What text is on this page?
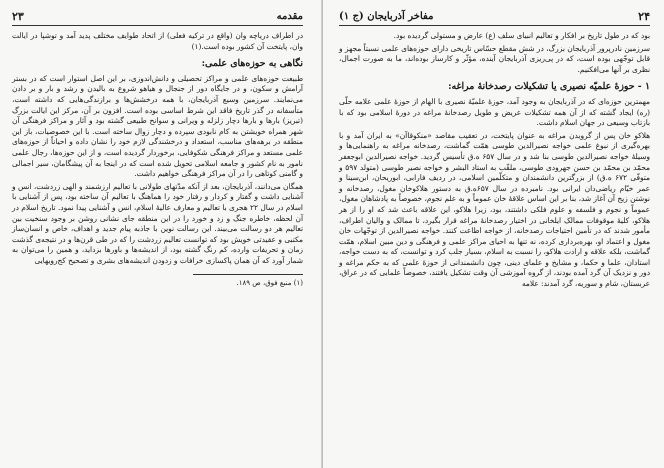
مقدمه
۲۳

در اطراف دریاچه وان (واقع در ترکیه فعلی) از اتحاد طوایف مختلف پدید آمد و توشپا در ایالت وان، پایتخت آن کشور بوده است.(۱)

نگاهی به حوزه‌های علمی:

طبیعت حوزه‌های علمی و مراکز تحصیلی و دانش‌اندوزی، بر این اصل استوار است که در بستر آرامش و سکون، و در جایگاه دور از جنجال و هیاهو شروع به بالیدن و رشد و بار و بر دادن می‌نمایند. سرزمین وسیع آذربایجان، با همه درخشش‌ها و برازندگی‌هایی که داشته است، متأسفانه در گذر تاریخ فاقد این شرط اساسی بوده است. افزون بر آن، مرکز این ایالت بزرگ (تبریز) بارها و بارها دچار زلزله و ویرانی و سوانح طبیعی گشته بود و آثار و مراکز فرهنگی آن شهر همراه خویشتن به کام نابودی سپرده و دچار زوال ساخته است. با این خصوصیات، باز این منطقه در برهه‌های مناسب، استعداد و درخشندگی لازم خود را نشان داده و احیاناً از حوزه‌های علمی مستعد و مراکز فرهنگی شکوفایی، برخوردار گردیده است، و از این حوزه‌ها، رجال علمی نامور به نام کشور و جامعه اسلامی تحویل شده است که در اینجا به آن پیشگامان، سیر اجمالی و گامنی کوتاهی را در آن مراکز فرهنگی خواهیم داشت.

همگان می‌دانند، آذربایجان، بعد از آنکه مدّتهای طولانی با تعالیم ارزشمند و الهی زردشت، انس و آشنایی داشت و گفتار و کردار و رفتار خود را هماهنگ با تعالیم آن ساخته بود، پس از آشنایی با اسلام در سال ۲۲ هجری با تعالیم و معارف عالیهٔ اسلام، انس و آشنایی پیدا نمود. تاریخ اسلام در آن لحظه، خاطره جنگ و زد و خورد را در این منطقه جای نشانی روشن بر وجود سنخیت بین تعالیم هر دو رسالت می‌بیند. این رسالت نوین با جاذبه پیام جدید و اهداف، خاص و انسان‌ساز مکتبی و عقیدتی خویش بود که توانست تعالیم زردشت را که در طی قرن‌ها و در نتیجه‌ی گذشت زمان و تحریفات وارده، کم رنگ گشته بود، از اندیشه‌ها و باورها بزداید، و همین را می‌توان به شمار آورد که آن همان پاکسازی خرافات و زدودن اندیشه‌های بشری و تصحیح کج‌رویهایی

(۱) منبع فوق، ص ۱۸۹.
۲۴
مفاخر آذربایجان (ج ۱)

بود که در طول تاریخ بر افکار و تعالیم انبیای سلف (ع) عارض و مستولی گردیده بود.

سرزمین نادرپرور آذربایجان بزرگ، در شش مقطع حسّاس تاریخی دارای حوزه‌های علمی نسبتاً مجهز و قابل توجّهی بوده است، که در پی‌ریزی آذربایجان آینده، مؤثّر و کارساز بوده‌اند، ما به صورت اجمال، نظری بر آنها می‌افکنیم.

۱ - حوزهٔ علمیّه نصیری یا تشکیلات رصدخانهٔ مراغه:

مهمترین حوزه‌ای که در آذربایجان به وجود آمد، حوزهٔ علمیّهٔ نصیری با الهام از حوزهٔ علمی علامه حلّی (ره) ایجاد گشته که از آن همه تشکیلات عریض و طویل رصدخانهٔ مراغه در دورهٔ اسلامی بود که با بازتاب وسیعی در جهان اسلام داشت.

هلاکو خان پس از گرویدن مراغه به عنوان پایتخت، در تعقیب مقاصد «منکوقاآن» به ایران آمد و با بهره‌گیری از نبوغ علمی خواجه نصیرالدین طوسی همّت گماشت، رصدخانه مراغه به راهنمایی‌ها و وسیلهٔ خواجه نصیرالدین طوسی بنا شد و در سال ۶۵۷ ه.ق تأسیس گردید. خواجه نصیرالدین ابوجعفر محمّد بن محمّد بن حسن جهرودی طوسی، ملقّب به استاد البشر و خواجه نصیر طوسی (متولد ۵۹۷ و متوفّی ۶۷۲ ه.ق) از بزرگترین دانشمندان و متکلّمین اسلامی، در ردیف فارابی، ابوریحان، ابن‌سینا و عمر خیّام ریاضی‌دان ایرانی بود. نامبرده در سال ۶۵۷ه.ق به دستور هلاکوخان مغول، رصدخانه و نوشتن زیج آن آغاز شد، بنا بر این اساس علاقهٔ خان عموماً و به علم نجوم، خصوصاً به پادشاهان مغول، عموماً و نجوم و فلسفه و علوم فلکی داشتند، بود، زیرا هلاکو، این علاقه باعث شد که او را از هر هلاکو، کلیهٔ موقوفات ممالک ایلخانی در اختیار رصدخانهٔ مراغه قرار بگیرد، تا ممالک و والیان اطراف، مأمور شدند که در تأمین احتیاجات رصدخانه، از خواجه اطاعت کنند. خواجه نصیرالدین از توجّهات خان مغول و اعتماد او، بهره‌برداری کرده، نه تنها به احیای مراکز علمی و فرهنگی و دین مبین اسلام، همّت گماشت، بلکه علاقه و ارادت هلاکو، را نسبت به اسلام، بسیار جلب کرد و توانست، که به دست خواجه، استادان، علما و حکما، و مشایخ و علمای دینی، چون دانشمندانی از حوزهٔ علمی که به حکم مراغه و دور و نزدیک آن گرد آمده بودند، از گروه آموزشی آن وقت تشکیل یافتند، خصوصاً علمایی که در عراق، عربستان، شام و سوریه، گرد آمدند: علامه
